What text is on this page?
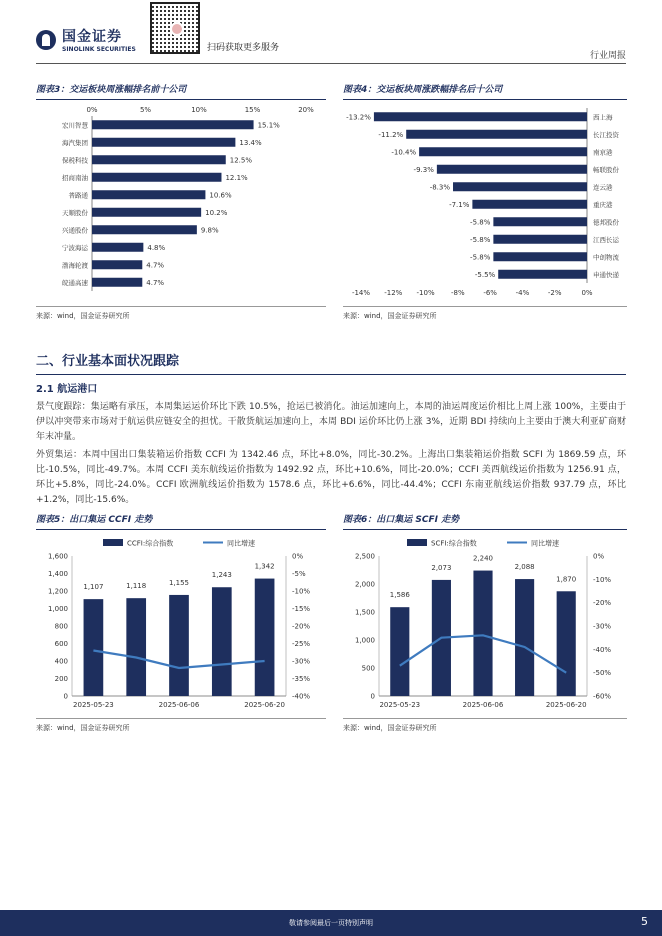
国金证券
SINOLINK SECURITIES	扫码获取更多服务
行业周报
图表3：交运板块周涨幅排名前十公司
0%	5%	10%	15%	20%
宏川智慧	15.1%
海汽集团	13.4%
保税科技	12.5%
招商南油	12.1%
普路通	10.6%
天顺股份	10.2%
兴通股份	9.8%
宁波海运	4.8%
渤海轮渡	4.7%
皖通高速	4.7%
来源：wind，国金证券研究所
图表4：交运板块周涨跌幅排名后十公司
-14% -12% -10% -8%	-6%	-4%	-2%	0%
-13.2%	西上海
-11.2%	长江投资
-10.4%	南京港
-9.3%	畅联股份
-8.3%	连云港
-7.1%	重庆港
-5.8%	德邦股份
-5.8%	江西长运
-5.8%	中创物流
-5.5%	申通快递
来源：wind，国金证券研究所
二、行业基本面状况跟踪
2.1 航运港口
景气度跟踪：集运略有承压，本周集运运价环比下跌 10.5%，抢运已被消化。油运加速向上，本周的油运周度运价相比上周上涨 100%，主要由于伊以冲突带来市场对于航运供应链安全的担忧。干散货航运加速向上，本周 BDI 运价环比仍上涨 3%，近期 BDI 持续向上主要由于澳大利亚矿商财年末冲量。
外贸集运：本周中国出口集装箱运价指数 CCFI 为 1342.46 点，环比+8.0%，同比-30.2%。上海出口集装箱运价指数 SCFI 为 1869.59 点，环比-10.5%，同比-49.7%。本周 CCFI 美东航线运价指数为 1492.92 点，环比+10.6%，同比-20.0%；CCFI 美西航线运价指数为 1256.91 点，环比+5.8%，同比-24.0%。CCFI 欧洲航线运价指数为 1578.6 点，环比+6.6%，同比-44.4%；CCFI 东南亚航线运价指数 937.79 点，环比+1.2%，同比-15.6%。
图表5：出口集运 CCFI 走势
CCFI:综合指数	同比增速
0
200
400
600
800
1,000
1,200
1,400
1,600	0%
-5%
-10%
-15%
-20%
-25%
-30%
-35%
-40%
1,107
2025-05-23
1,118	1,155
2025-06-06
1,243
1,342
2025-06-20
来源：wind，国金证券研究所
图表6：出口集运 SCFI 走势
SCFI:综合指数	同比增速
0
500
1,000
1,500
2,000
2,500	0%
-10%
-20%
-30%
-40%
-50%
-60%
1,586
2025-05-23
2,073
2,240
2025-06-06
2,088
1,870
2025-06-20
来源：wind，国金证券研究所
敬请参阅最后一页特别声明	5
